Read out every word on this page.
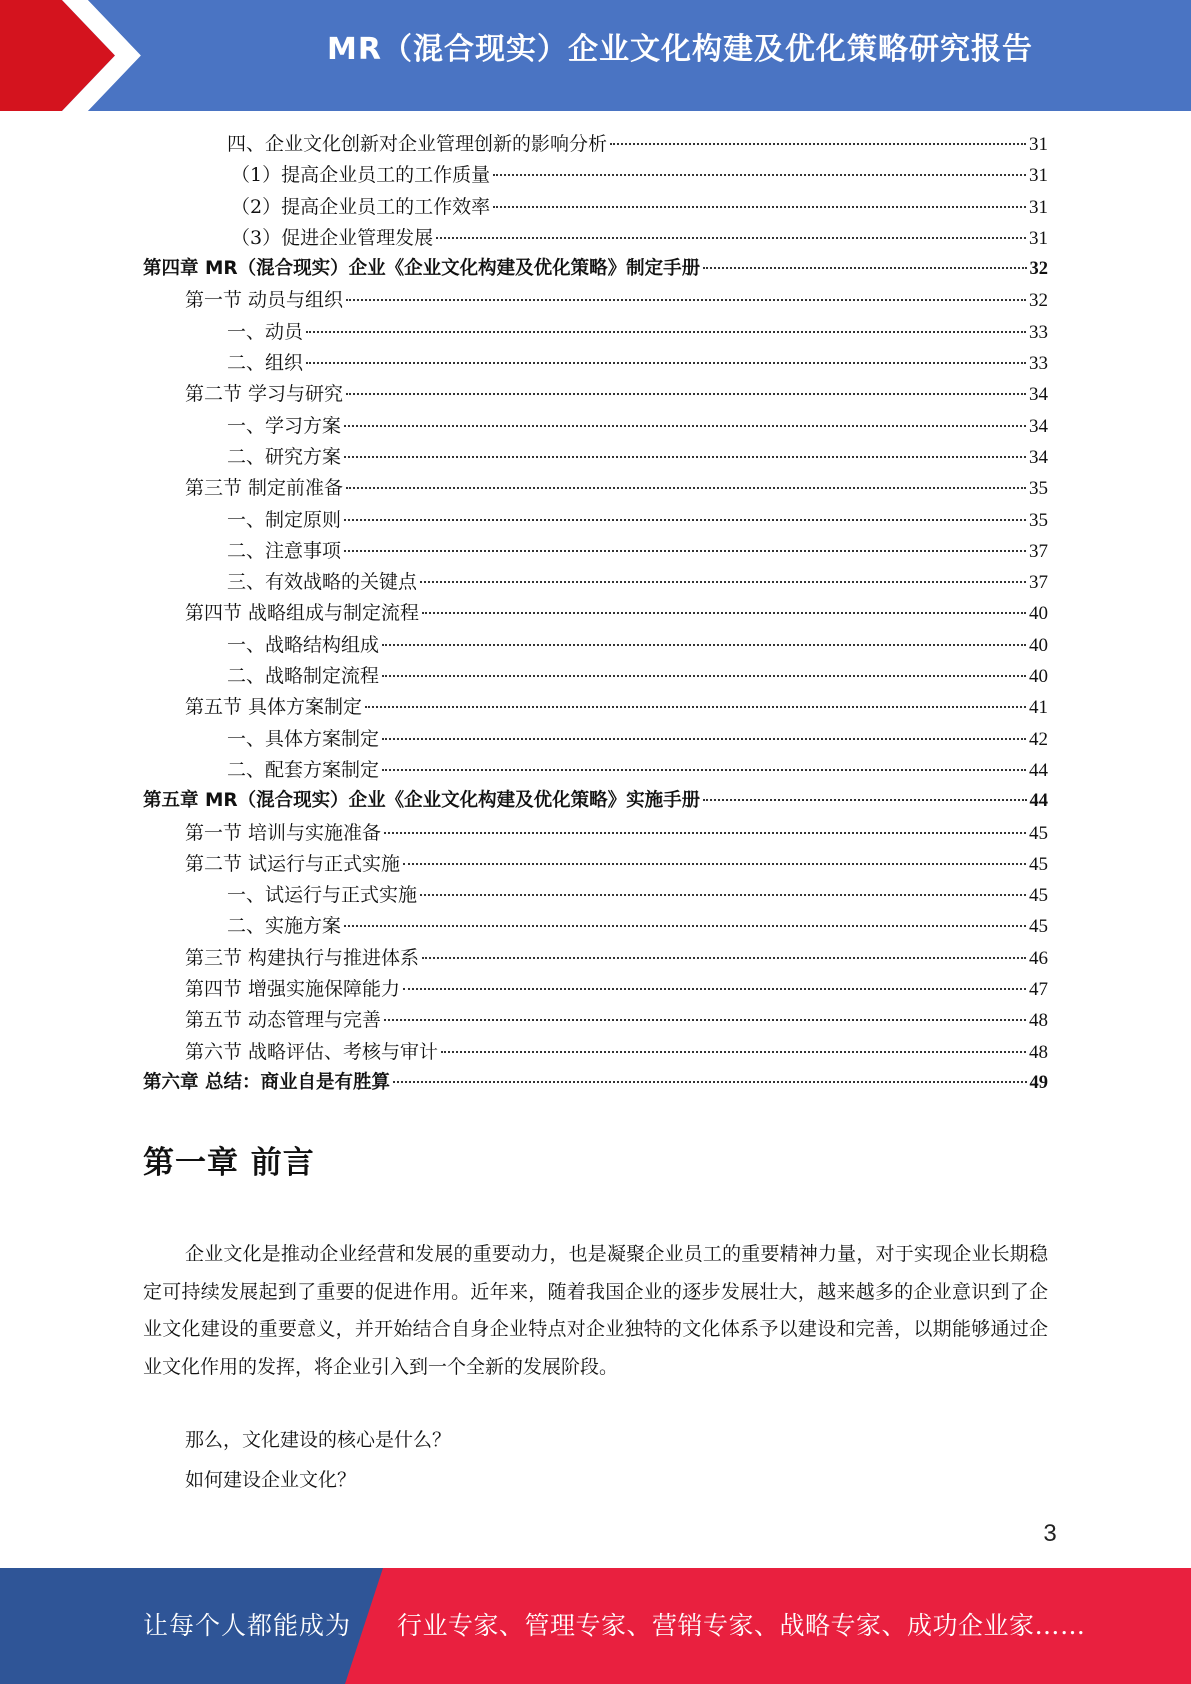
MR（混合现实）企业文化构建及优化策略研究报告
四、企业文化创新对企业管理创新的影响分析	31
（1）提高企业员工的工作质量	31
（2）提高企业员工的工作效率	31
（3）促进企业管理发展	31
第四章 MR（混合现实）企业《企业文化构建及优化策略》制定手册	32
第一节 动员与组织	32
一、动员	33
二、组织	33
第二节 学习与研究	34
一、学习方案	34
二、研究方案	34
第三节 制定前准备	35
一、制定原则	35
二、注意事项	37
三、有效战略的关键点	37
第四节 战略组成与制定流程	40
一、战略结构组成	40
二、战略制定流程	40
第五节 具体方案制定	41
一、具体方案制定	42
二、配套方案制定	44
第五章 MR（混合现实）企业《企业文化构建及优化策略》实施手册	44
第一节 培训与实施准备	45
第二节 试运行与正式实施	45
一、试运行与正式实施	45
二、实施方案	45
第三节 构建执行与推进体系	46
第四节 增强实施保障能力	47
第五节 动态管理与完善	48
第六节 战略评估、考核与审计	48
第六章 总结：商业自是有胜算	49
第一章 前言
企业文化是推动企业经营和发展的重要动力，也是凝聚企业员工的重要精神力量，对于实现企业长期稳定可持续发展起到了重要的促进作用。近年来，随着我国企业的逐步发展壮大，越来越多的企业意识到了企业文化建设的重要意义，并开始结合自身企业特点对企业独特的文化体系予以建设和完善，以期能够通过企业文化作用的发挥，将企业引入到一个全新的发展阶段。
那么，文化建设的核心是什么？
如何建设企业文化？
3
让每个人都能成为 行业专家、管理专家、营销专家、战略专家、成功企业家……
